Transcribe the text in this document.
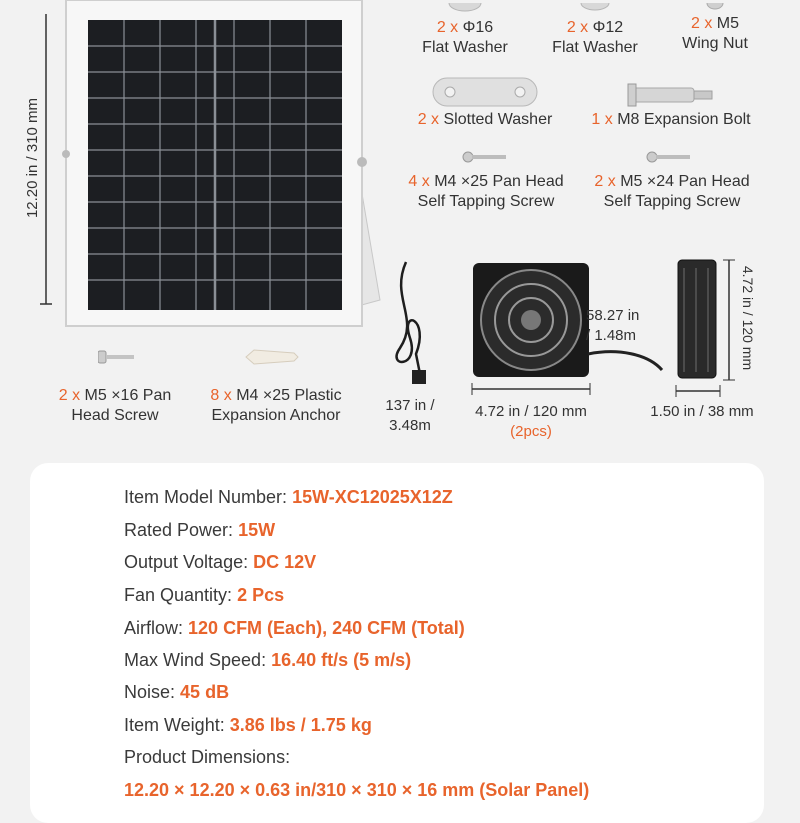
12.20 in / 310 mm
2 x Φ16
Flat Washer
2 x Φ12
Flat Washer
2 x M5
Wing Nut
2 x Slotted Washer	1 x M8 Expansion Bolt
4 x M4 ×25 Pan Head
Self Tapping Screw
2 x M5 ×24 Pan Head
Self Tapping Screw
2 x M5 ×16 Pan
Head Screw
8 x M4 ×25 Plastic
Expansion Anchor
137 in /
3.48m
58.27 in
/ 1.48m
4.72 in / 120 mm
(2pcs)
4.72 in / 120 mm
1.50 in / 38 mm
Item Model Number: 15W-XC12025X12Z
Rated Power: 15W
Output Voltage: DC 12V
Fan Quantity: 2 Pcs
Airflow: 120 CFM (Each), 240 CFM (Total)
Max Wind Speed: 16.40 ft/s (5 m/s)
Noise: 45 dB
Item Weight: 3.86 lbs / 1.75 kg
Product Dimensions:
12.20 × 12.20 × 0.63 in/310 × 310 × 16 mm (Solar Panel)
